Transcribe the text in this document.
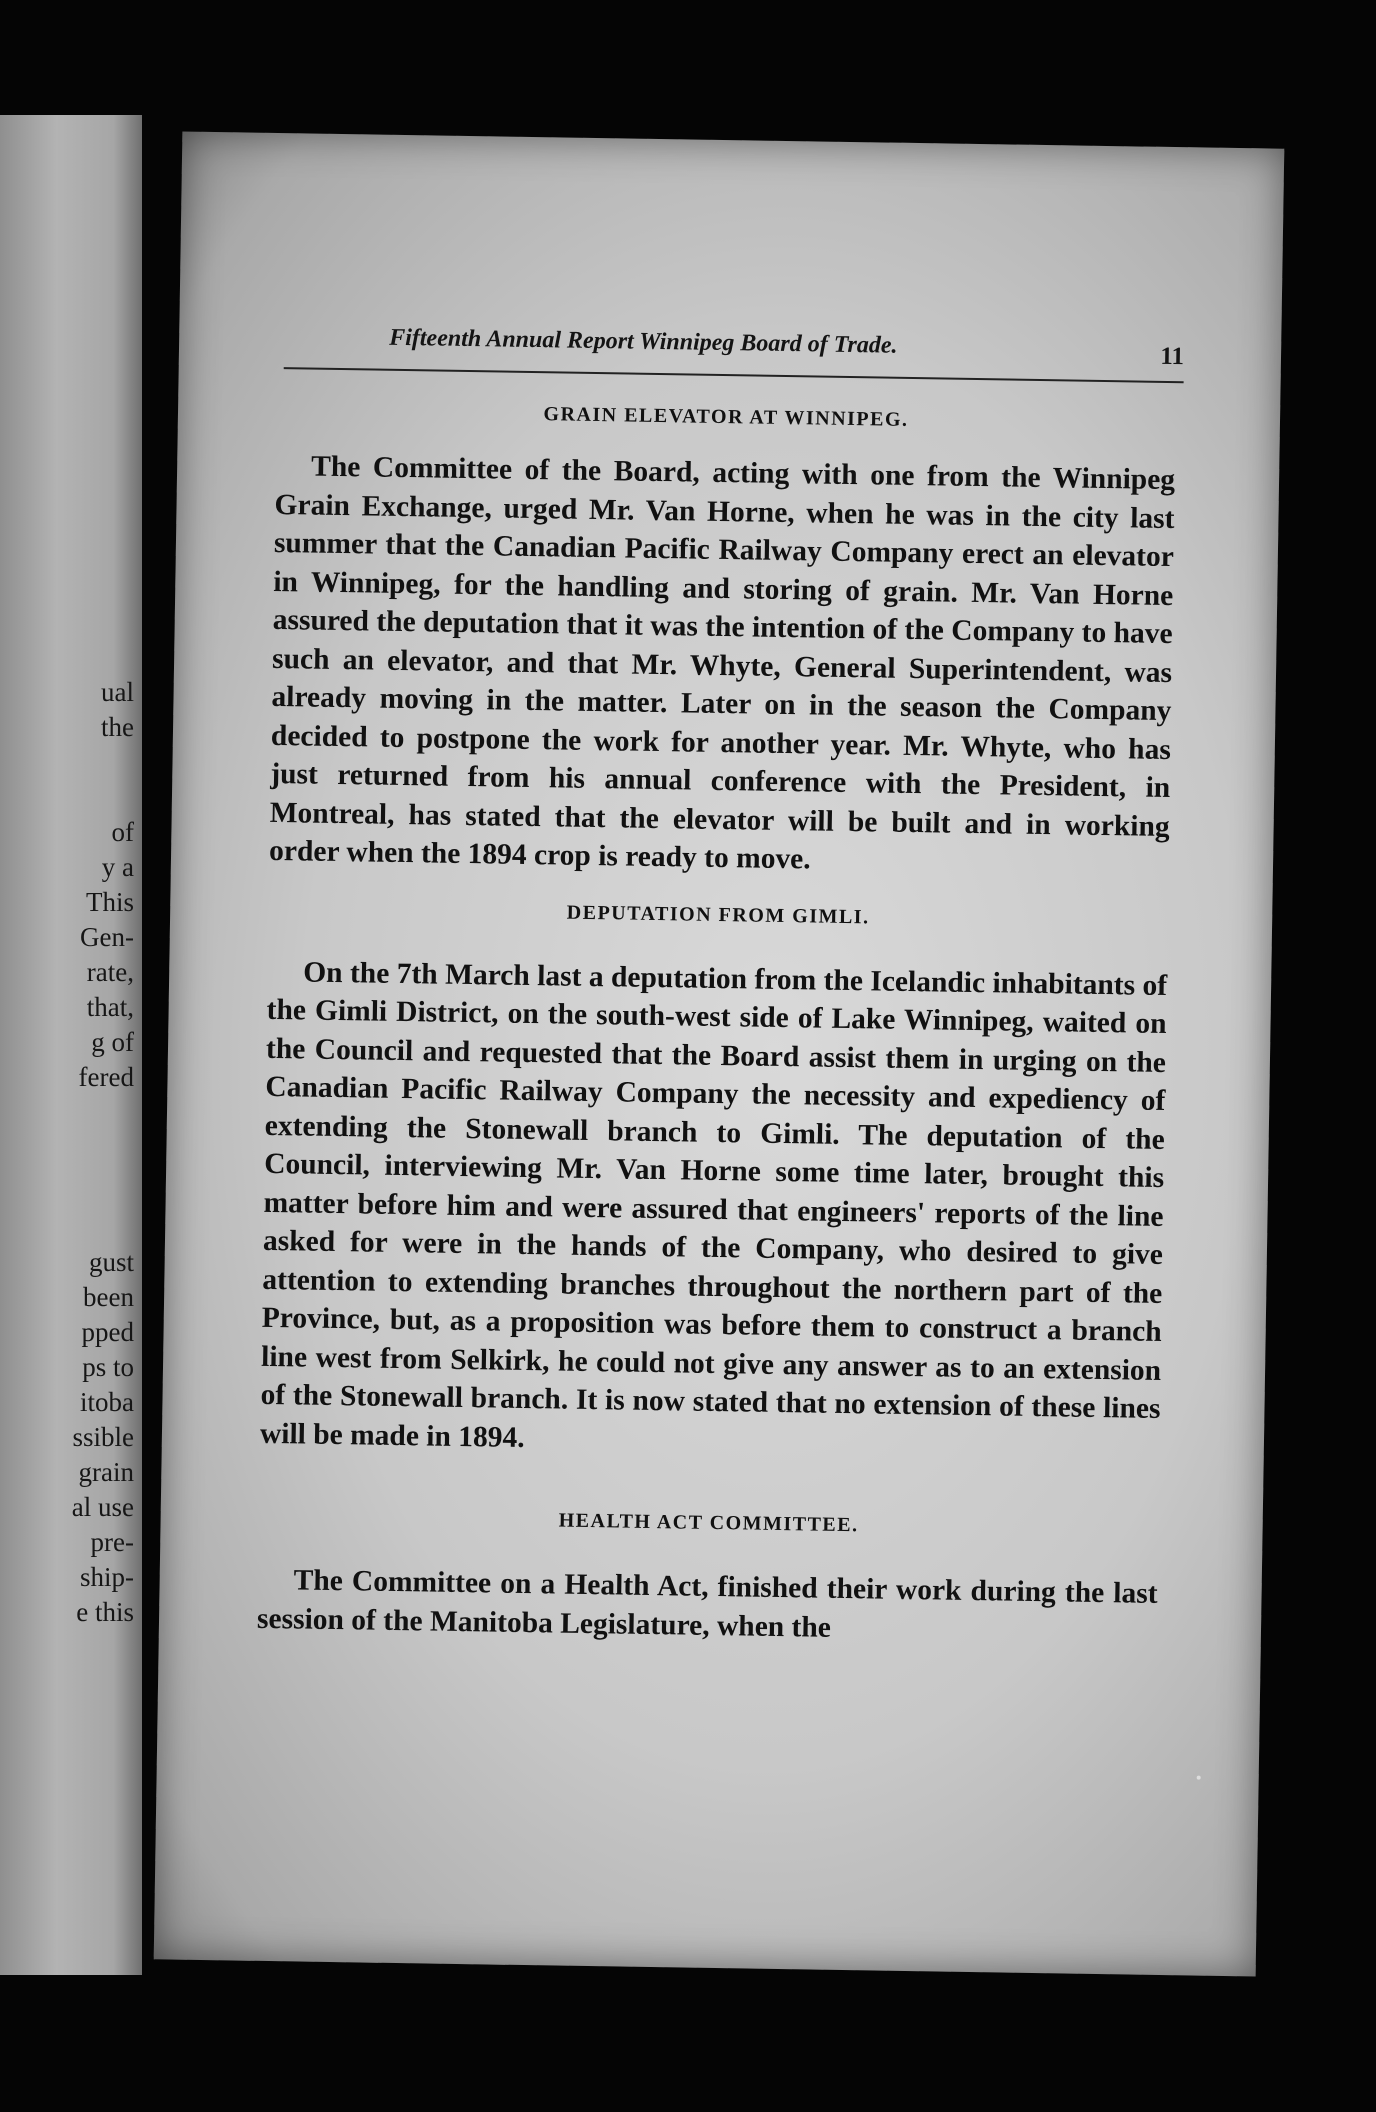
ual
the
of
y a
This
Gen-
rate,
that,
g of
fered
gust
been
pped
ps to
itoba
ssible
grain
al use
pre-
ship-
e this
Fifteenth Annual Report Winnipeg Board of Trade.	11
GRAIN ELEVATOR AT WINNIPEG.

The Committee of the Board, acting with one from the Winnipeg Grain Exchange, urged Mr. Van Horne, when he was in the city last summer that the Canadian Pacific Railway Company erect an elevator in Winnipeg, for the handling and storing of grain. Mr. Van Horne assured the deputation that it was the intention of the Company to have such an elevator, and that Mr. Whyte, General Superintendent, was already moving in the matter. Later on in the season the Company decided to postpone the work for another year. Mr. Whyte, who has just returned from his annual conference with the President, in Montreal, has stated that the elevator will be built and in working order when the 1894 crop is ready to move.

DEPUTATION FROM GIMLI.

On the 7th March last a deputation from the Icelandic inhabitants of the Gimli District, on the south-west side of Lake Winnipeg, waited on the Council and requested that the Board assist them in urging on the Canadian Pacific Railway Company the necessity and expediency of extending the Stonewall branch to Gimli. The deputation of the Council, interviewing Mr. Van Horne some time later, brought this matter before him and were assured that engineers' reports of the line asked for were in the hands of the Company, who desired to give attention to extending branches throughout the northern part of the Province, but, as a proposition was before them to construct a branch line west from Selkirk, he could not give any answer as to an extension of the Stonewall branch. It is now stated that no extension of these lines will be made in 1894.

HEALTH ACT COMMITTEE.

The Committee on a Health Act, finished their work during the last session of the Manitoba Legislature, when the
